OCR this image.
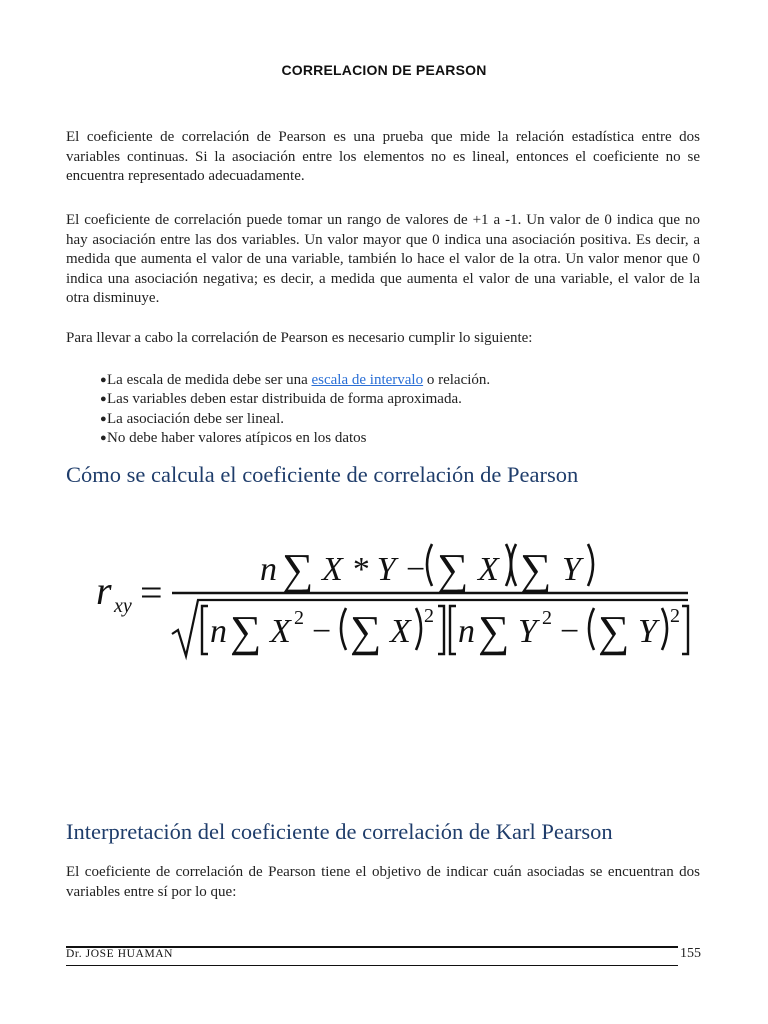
CORRELACION DE PEARSON

El coeficiente de correlación de Pearson es una prueba que mide la relación estadística entre dos variables continuas. Si la asociación entre los elementos no es lineal, entonces el coeficiente no se encuentra representado adecuadamente.

El coeficiente de correlación puede tomar un rango de valores de +1 a -1. Un valor de 0 indica que no hay asociación entre las dos variables. Un valor mayor que 0 indica una asociación positiva. Es decir, a medida que aumenta el valor de una variable, también lo hace el valor de la otra. Un valor menor que 0 indica una asociación negativa; es decir, a medida que aumenta el valor de una variable, el valor de la otra disminuye.

Para llevar a cabo la correlación de Pearson es necesario cumplir lo siguiente:

●La escala de medida debe ser una escala de intervalo o relación.
●Las variables deben estar distribuida de forma aproximada.
●La asociación debe ser lineal.
●No debe haber valores atípicos en los datos
Cómo se calcula el coeficiente de correlación de Pearson
r xy =
n ∑ X * Y − ∑ X ∑ Y
n ∑ X 2 − ∑ X 2 n ∑ Y 2 − ∑ Y 2
Interpretación del coeficiente de correlación de Karl Pearson

El coeficiente de correlación de Pearson tiene el objetivo de indicar cuán asociadas se encuentran dos variables entre sí por lo que:

Dr. JOSE HUAMAN	155
